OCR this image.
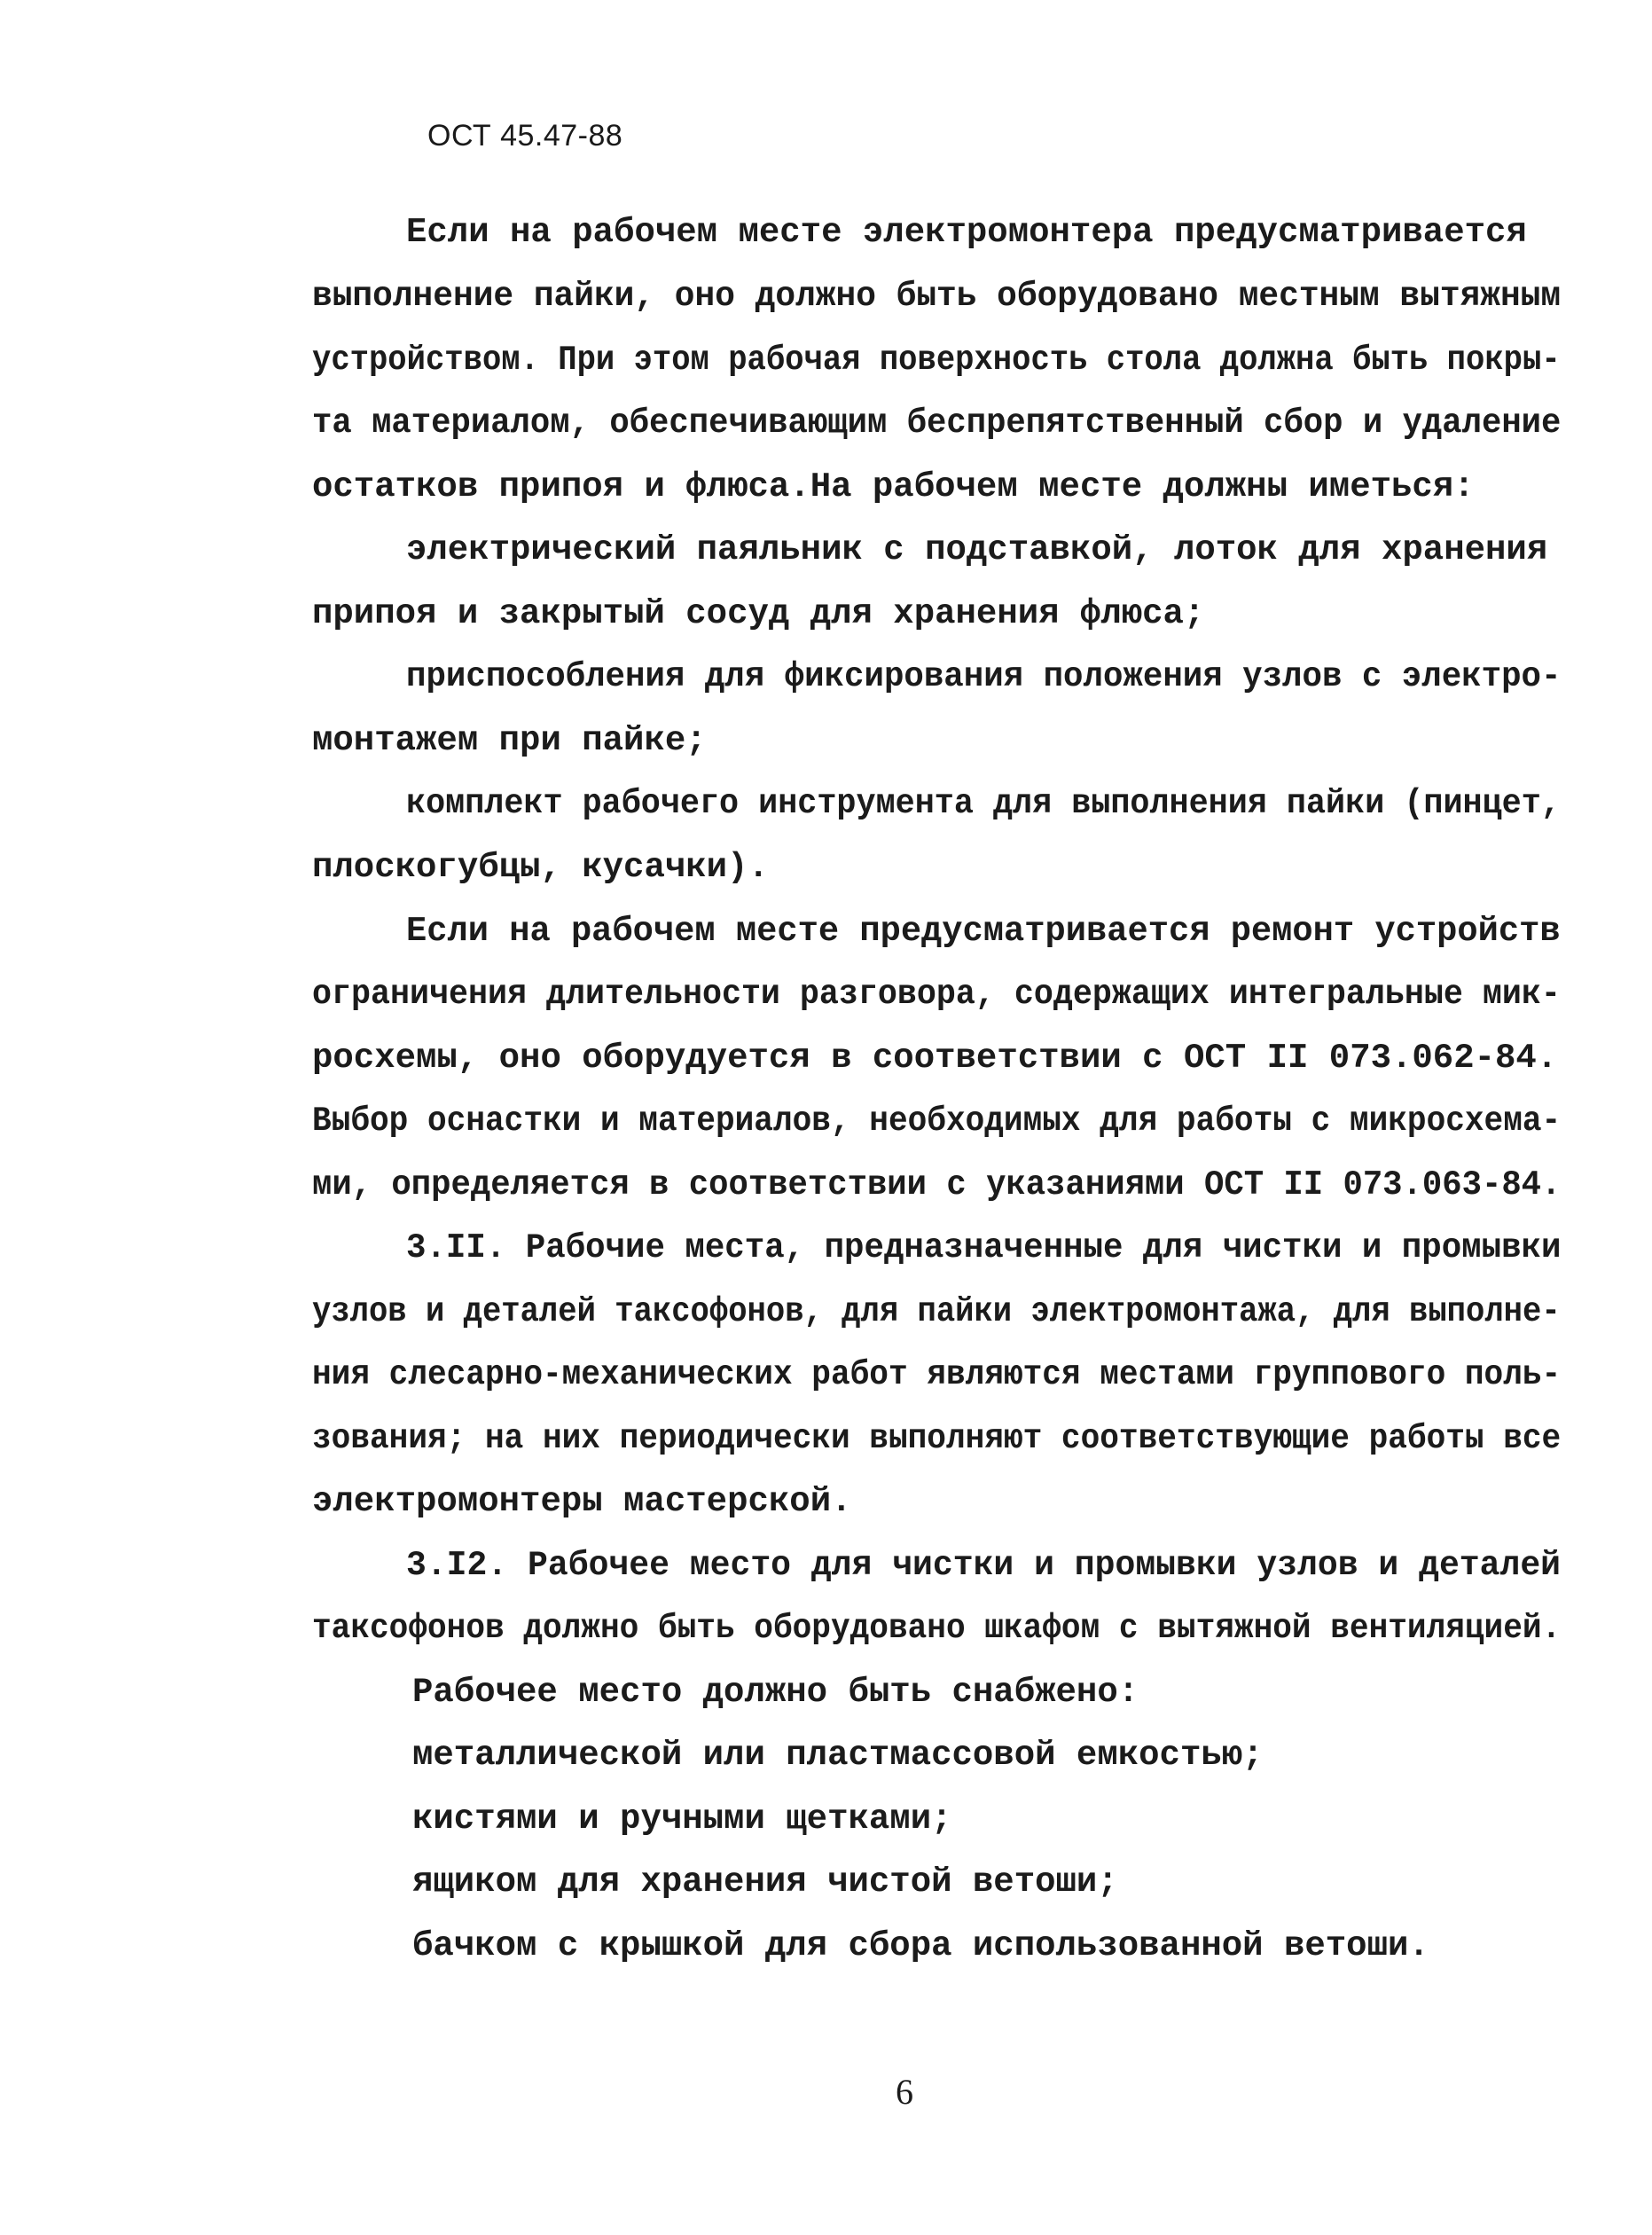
ОСТ 45.47-88
Если на рабочем месте электромонтера предусматривается
выполнение пайки, оно должно быть оборудовано местным вытяжным
устройством. При этом рабочая поверхность стола должна быть покры-
та материалом, обеспечивающим беспрепятственный сбор и удаление
остатков припоя и флюса.На рабочем месте должны иметься:
электрический паяльник с подставкой, лоток для хранения
припоя и закрытый сосуд для хранения флюса;
приспособления для фиксирования положения узлов с электро-
монтажем при пайке;
комплект рабочего инструмента для выполнения пайки (пинцет,
плоскогубцы, кусачки).
Если на рабочем месте предусматривается ремонт устройств
ограничения длительности разговора, содержащих интегральные мик-
росхемы, оно оборудуется в соответствии с ОСТ II 073.062-84.
Выбор оснастки и материалов, необходимых для работы с микросхема-
ми, определяется в соответствии с указаниями ОСТ II 073.063-84.
3.II. Рабочие места, предназначенные для чистки и промывки
узлов и деталей таксофонов, для пайки электромонтажа, для выполне-
ния слесарно-механических работ являются местами группового поль-
зования; на них периодически выполняют соответствующие работы все
электромонтеры мастерской.
3.I2. Рабочее место для чистки и промывки узлов и деталей
таксофонов должно быть оборудовано шкафом с вытяжной вентиляцией.
Рабочее место должно быть снабжено:
металлической или пластмассовой емкостью;
кистями и ручными щетками;
ящиком для хранения чистой ветоши;
бачком с крышкой для сбора использованной ветоши.
6
